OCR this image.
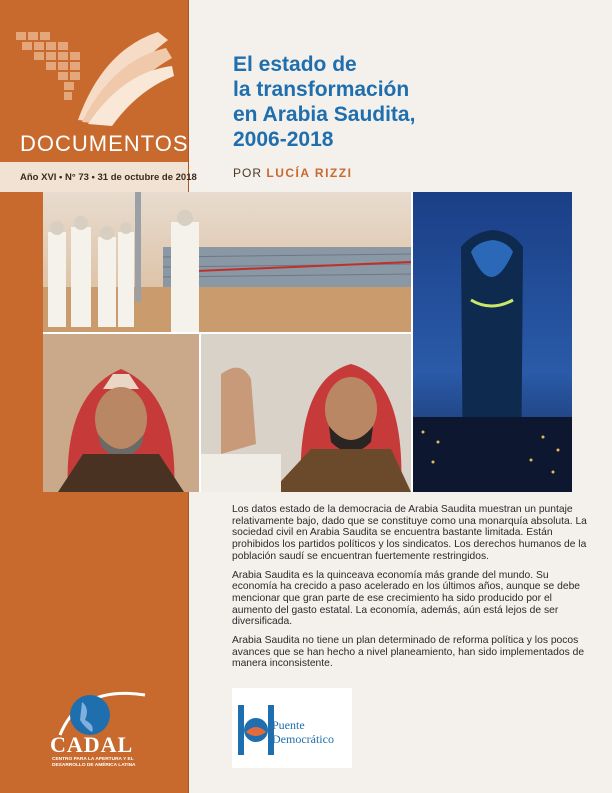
DOCUMENTOS
Año XVI • N° 73 • 31 de octubre de 2018
El estado de
la transformación
en Arabia Saudita,
2006-2018
POR LUCÍA RIZZI

Los datos estado de la democracia de Arabia Saudita muestran un puntaje relativamente bajo, dado que se constituye como una monarquía absoluta. La sociedad civil en Arabia Saudita se encuentra bastante limitada. Están prohibidos los partidos políticos y los sindicatos. Los derechos humanos de la población saudí se encuentran fuertemente restringidos.

Arabia Saudita es la quinceava economía más grande del mundo. Su economía ha crecido a paso acelerado en los últimos años, aunque se debe mencionar que gran parte de ese crecimiento ha sido producido por el aumento del gasto estatal. La economía, además, aún está lejos de ser diversificada.

Arabia Saudita no tiene un plan determinado de reforma política y los pocos avances que se han hecho a nivel planeamiento, han sido implementados de manera inconsistente.

Puente
Democrático
CADAL
CENTRO PARA LA APERTURA Y EL DESARROLLO DE AMÉRICA LATINA
